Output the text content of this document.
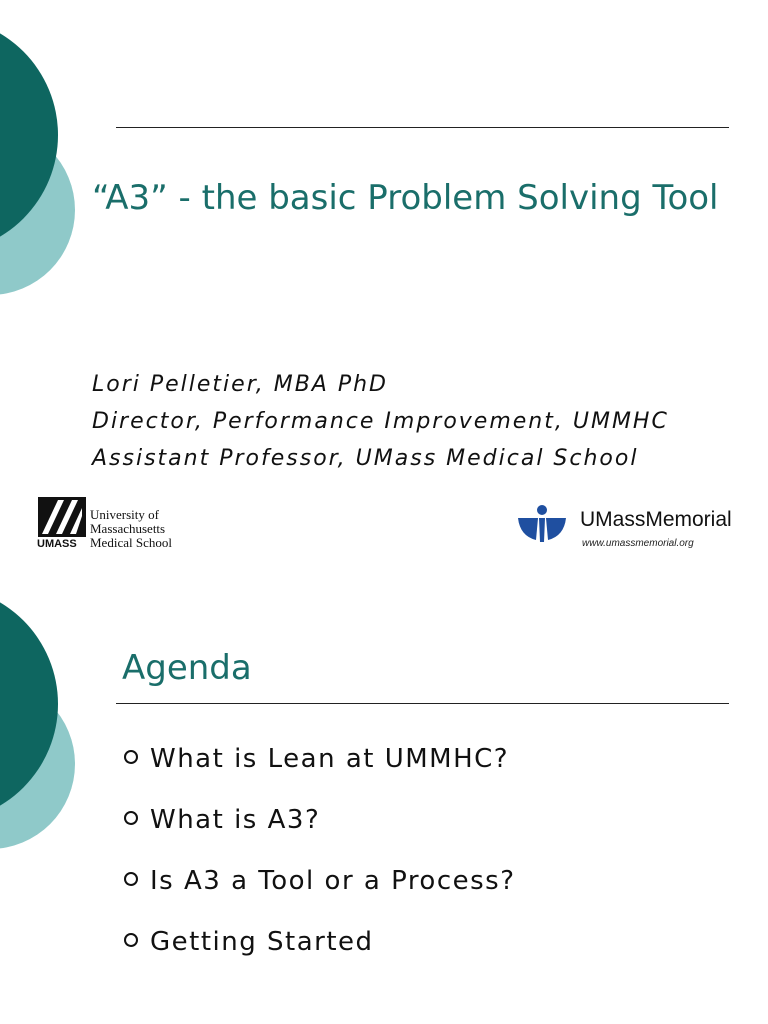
“A3” - the basic Problem Solving Tool
Lori Pelletier, MBA PhD
Director, Performance Improvement, UMMHC
Assistant Professor, UMass Medical School
UMASS
University of
Massachusetts
Medical School
UMassMemorial
www.umassmemorial.org
Agenda
What is Lean at UMMHC?
What is A3?
Is A3 a Tool or a Process?
Getting Started
